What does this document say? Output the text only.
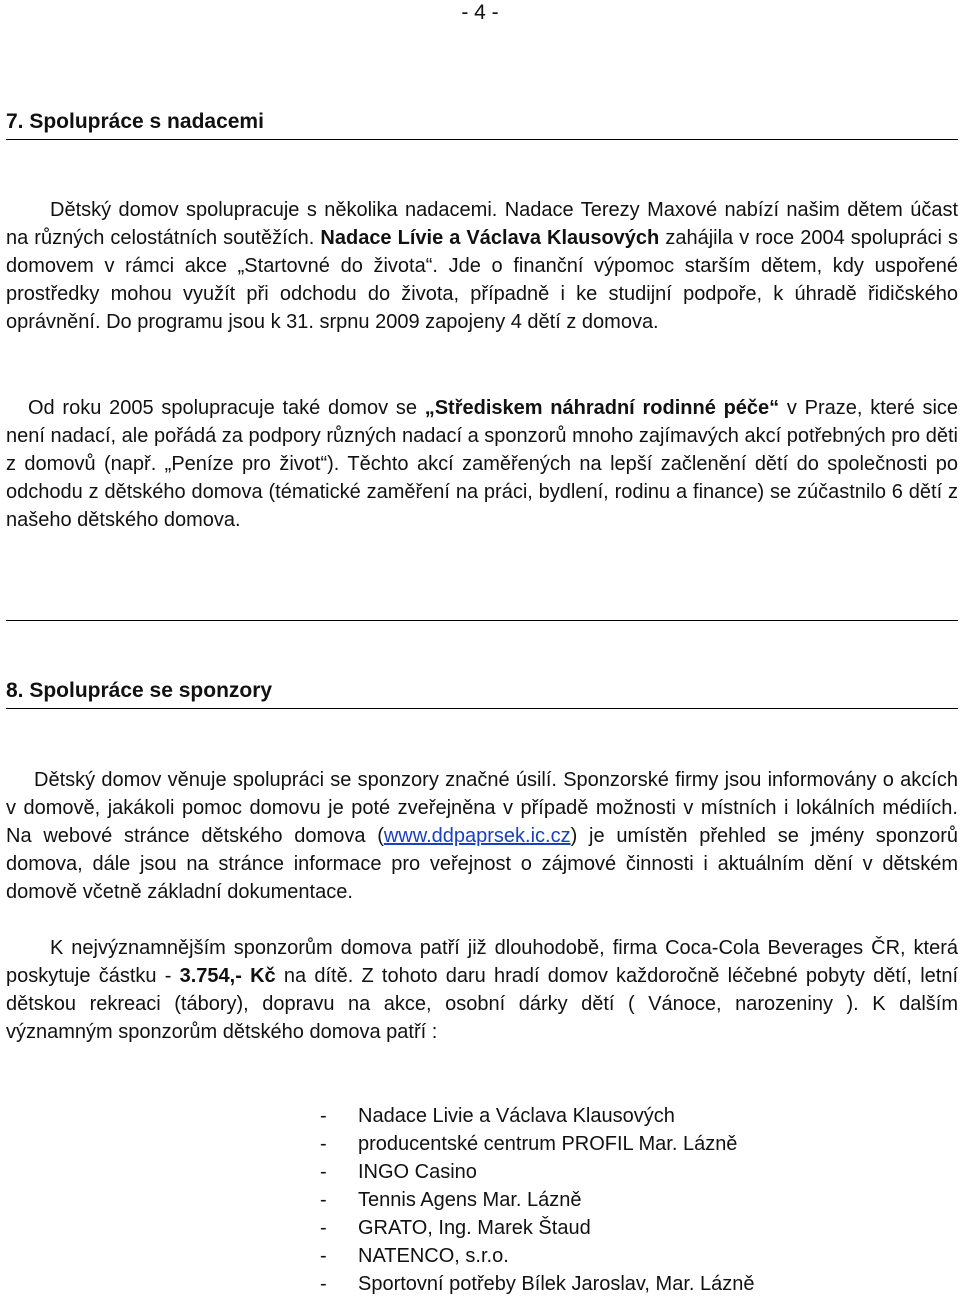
- 4 -
7. Spolupráce s nadacemi
Dětský domov spolupracuje s několika nadacemi. Nadace Terezy Maxové nabízí našim dětem účast na různých celostátních soutěžích. Nadace Lívie a Václava Klausových zahájila v roce 2004 spolupráci s domovem v rámci akce „Startovné do života“. Jde o finanční výpomoc starším dětem, kdy uspořené prostředky mohou využít při odchodu do života, případně i ke studijní podpoře, k úhradě řidičského oprávnění. Do programu jsou k 31. srpnu 2009 zapojeny 4 dětí z domova.
Od roku 2005 spolupracuje také domov se „Střediskem náhradní rodinné péče“ v Praze, které sice není nadací, ale pořádá za podpory různých nadací a sponzorů mnoho zajímavých akcí potřebných pro děti z domovů (např. „Peníze pro život“). Těchto akcí zaměřených na lepší začlenění dětí do společnosti po odchodu z dětského domova (tématické zaměření na práci, bydlení, rodinu a finance) se zúčastnilo 6 dětí z našeho dětského domova.
8. Spolupráce se sponzory
Dětský domov věnuje spolupráci se sponzory značné úsilí. Sponzorské firmy jsou informovány o akcích v domově, jakákoli pomoc domovu je poté zveřejněna v případě možnosti v místních i lokálních médiích. Na webové stránce dětského domova (www.ddpaprsek.ic.cz) je umístěn přehled se jmény sponzorů domova, dále jsou na stránce informace pro veřejnost o zájmové činnosti i aktuálním dění v dětském domově včetně základní dokumentace.
K nejvýznamnějším sponzorům domova patří již dlouhodobě, firma Coca-Cola Beverages ČR, která poskytuje částku - 3.754,- Kč na dítě. Z tohoto daru hradí domov každoročně léčebné pobyty dětí, letní dětskou rekreaci (tábory), dopravu na akce, osobní dárky dětí ( Vánoce, narozeniny ). K dalším významným sponzorům dětského domova patří :
-	Nadace Livie a Václava Klausových
-	producentské centrum PROFIL Mar. Lázně
-	INGO Casino
-	Tennis Agens Mar. Lázně
-	GRATO, Ing. Marek Štaud
-	NATENCO, s.r.o.
-	Sportovní potřeby Bílek Jaroslav, Mar. Lázně
